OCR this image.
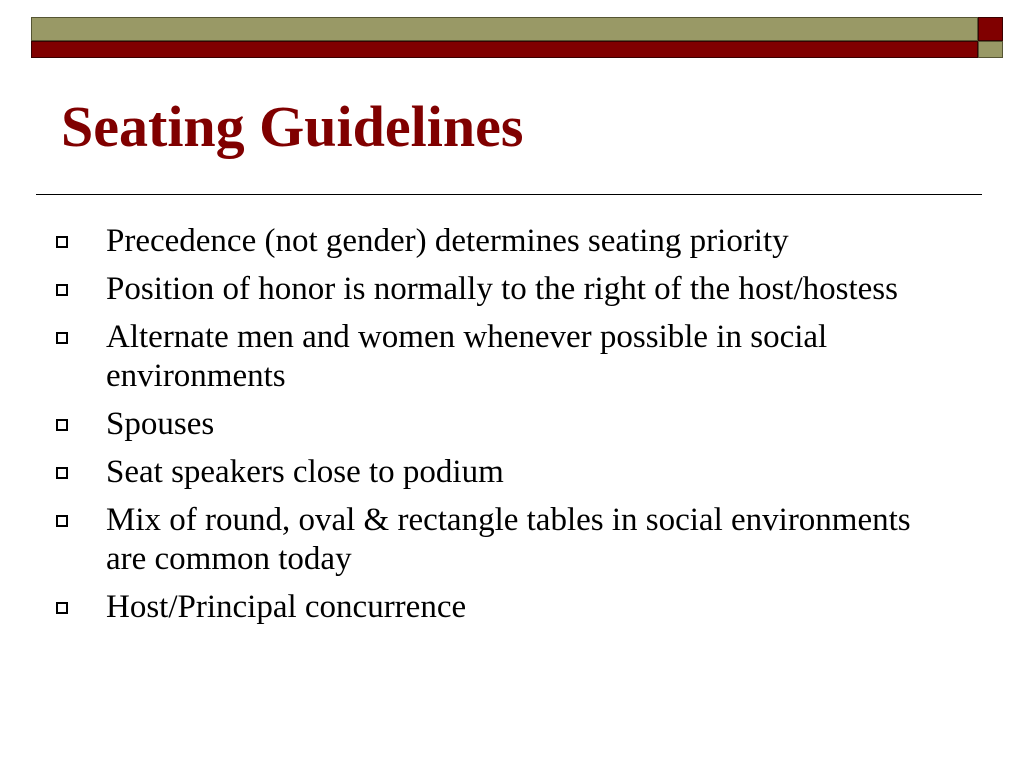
Seating Guidelines
Precedence (not gender) determines seating priority
Position of honor is normally to the right of the host/hostess
Alternate men and women whenever possible in social environments
Spouses
Seat speakers close to podium
Mix of round, oval & rectangle tables in social environments are common today
Host/Principal concurrence
